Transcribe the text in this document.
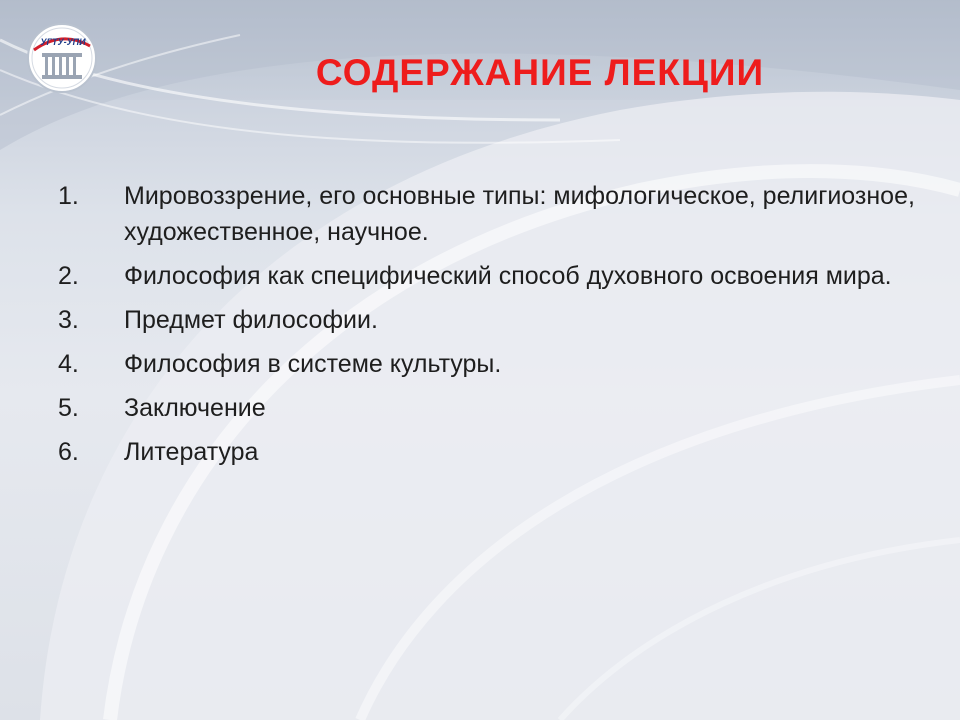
УГТУ-УПИ
СОДЕРЖАНИЕ ЛЕКЦИИ
1.	Мировоззрение, его основные типы: мифологическое, религиозное, художественное, научное.
2.	Философия как специфический способ духовного освоения мира.
3.	Предмет философии.
4.	Философия в системе культуры.
5.	Заключение
6.	Литература
